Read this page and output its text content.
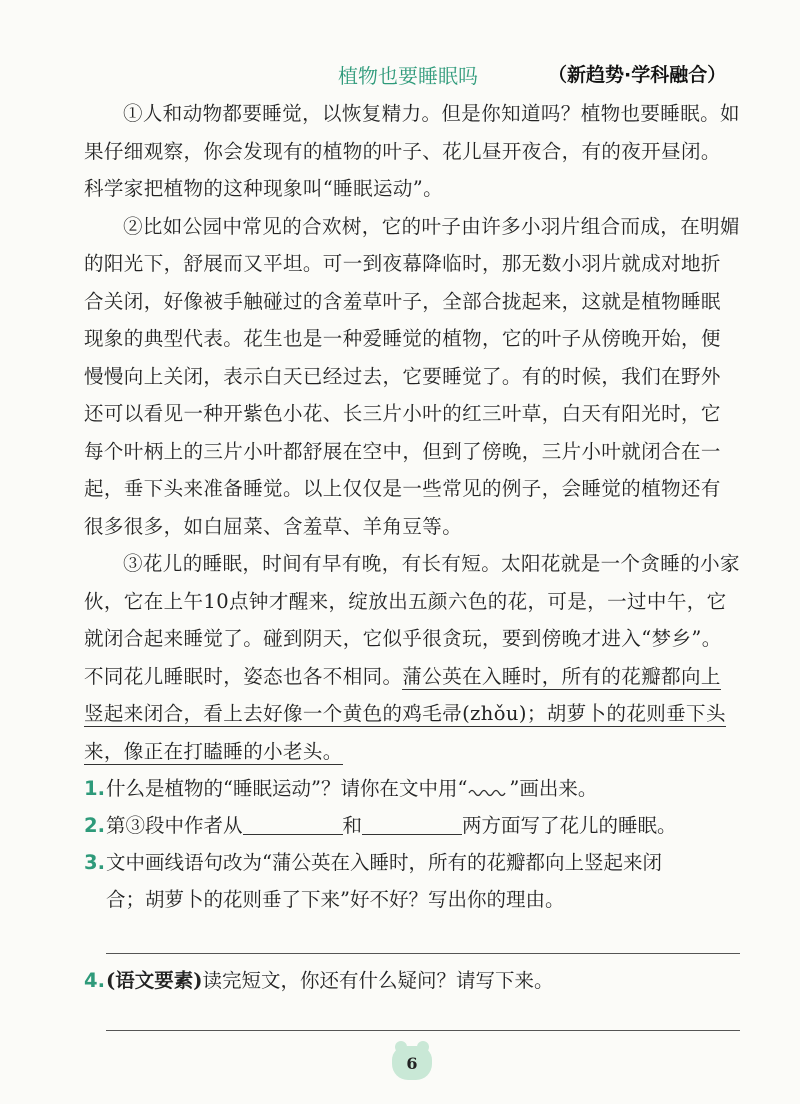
植物也要睡眠吗	（新趋势·学科融合）

①人和动物都要睡觉，以恢复精力。但是你知道吗？植物也要睡眠。如果仔细观察，你会发现有的植物的叶子、花儿昼开夜合，有的夜开昼闭。科学家把植物的这种现象叫“睡眠运动”。

②比如公园中常见的合欢树，它的叶子由许多小羽片组合而成，在明媚的阳光下，舒展而又平坦。可一到夜幕降临时，那无数小羽片就成对地折合关闭，好像被手触碰过的含羞草叶子，全部合拢起来，这就是植物睡眠现象的典型代表。花生也是一种爱睡觉的植物，它的叶子从傍晚开始，便慢慢向上关闭，表示白天已经过去，它要睡觉了。有的时候，我们在野外还可以看见一种开紫色小花、长三片小叶的红三叶草，白天有阳光时，它每个叶柄上的三片小叶都舒展在空中，但到了傍晚，三片小叶就闭合在一起，垂下头来准备睡觉。以上仅仅是一些常见的例子，会睡觉的植物还有很多很多，如白屈菜、含羞草、羊角豆等。

③花儿的睡眠，时间有早有晚，有长有短。太阳花就是一个贪睡的小家伙，它在上午10点钟才醒来，绽放出五颜六色的花，可是，一过中午，它就闭合起来睡觉了。碰到阴天，它似乎很贪玩，要到傍晚才进入“梦乡”。不同花儿睡眠时，姿态也各不相同。蒲公英在入睡时，所有的花瓣都向上竖起来闭合，看上去好像一个黄色的鸡毛帚(zhǒu)；胡萝卜的花则垂下头来，像正在打瞌睡的小老头。

1.什么是植物的“睡眠运动”？请你在文中用“ ”画出来。

2.第③段中作者从	和	两方面写了花儿的睡眠。

3.文中画线语句改为“蒲公英在入睡时，所有的花瓣都向上竖起来闭

合；胡萝卜的花则垂了下来”好不好？写出你的理由。

4.(语文要素)读完短文，你还有什么疑问？请写下来。

6
